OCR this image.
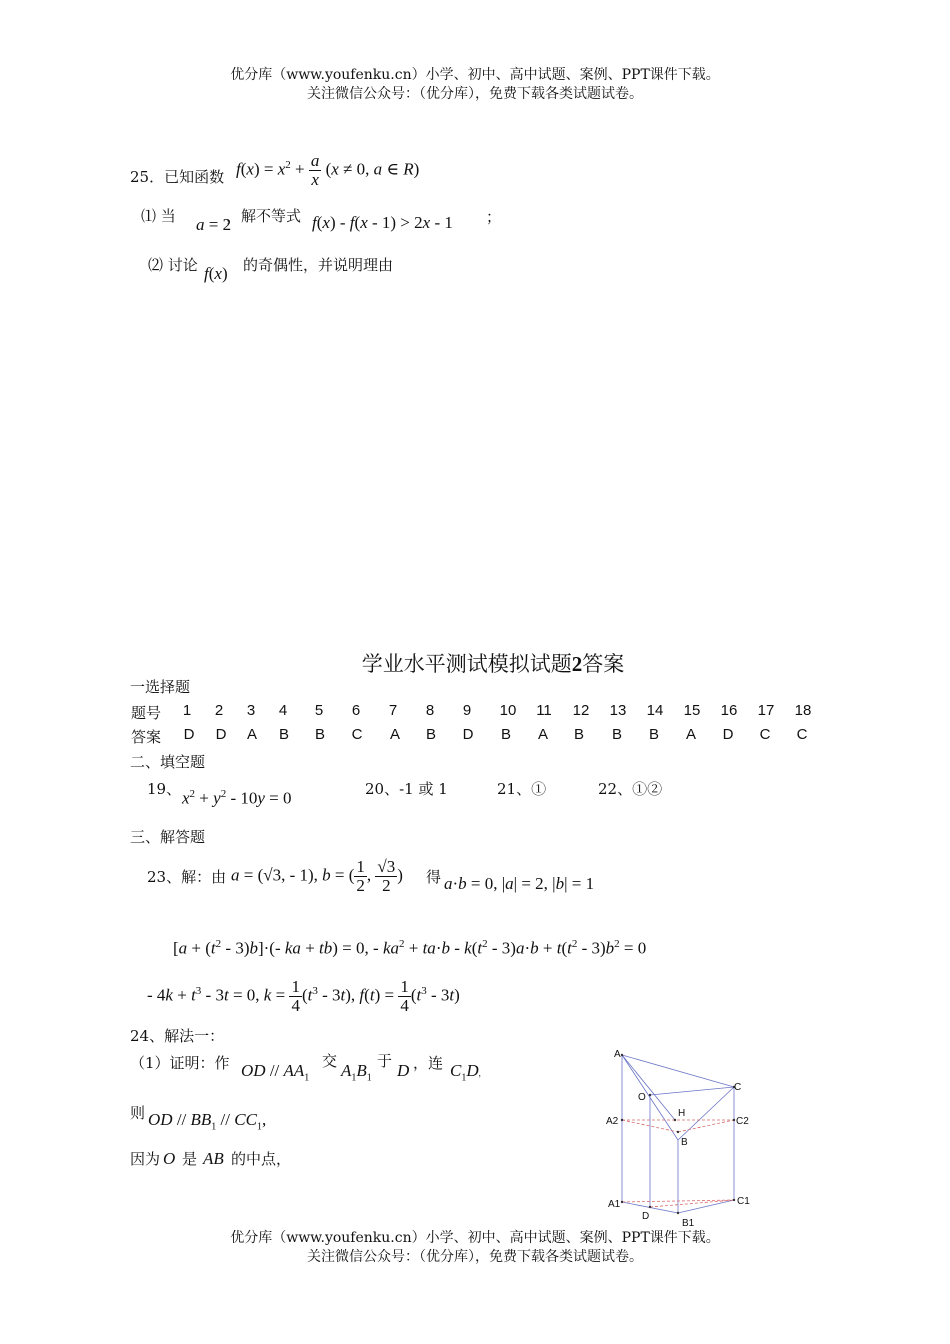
优分库（www.youfenku.cn）小学、初中、高中试题、案例、PPT课件下载。
关注微信公众号：（优分库），免费下载各类试题试卷。
25．已知函数 $f(x) = x^2 + \frac{a}{x} (x \ne 0$, a ∈ R)
⑴ 当 a = 2
，解不等式 f(x) - f(x - 1) > 2x - 1 ；
⑵ 讨论 f(x) 的奇偶性，并说明理由
学业水平测试模拟试题2答案
一选择题
题号	1	2	3	4	5	6	7	8	9	10	11	12	13	14	15	16	17	18
答案	D	D	A	B	B	C	A	B	D	B	A	B	B	B	A	D	C	C
二、填空题
19、 $x^2 + y^2 - 10y = 0$	20、-1 或 1	21、①	22、①②
三、解答题
23、解：由 a = (√3, - 1), b = ( $\frac{1}{2}$ , $\frac{√3}{2}$ ) 得 a·b = 0, |a| = 2, |b| = 1
$[a + (t^2 - 3)b]\cdot(-$ ka + tb) = 0, - $ka^2 + ta\cdot b - k(t^2 - 3)a\cdot b + t(t^2 - 3)b^2 = 0$
- $4k + t^3 - 3t = 0$, $k = \frac{1}{4} (t^3 - 3t)$, $f(t) = \frac{1}{4} (t^3 - 3t)$
24、解法一：
（1）证明：作 OD // $AA_1$
交 $A_1B_1$
于 D ，连 $C_1D$,
则 OD // $BB_1 // CC_1$,
因为 O 是 AB 的中点，
A
C
O
H
A2	C2
B
A1	C1
D
B1
优分库（www.youfenku.cn）小学、初中、高中试题、案例、PPT课件下载。
关注微信公众号：（优分库），免费下载各类试题试卷。
